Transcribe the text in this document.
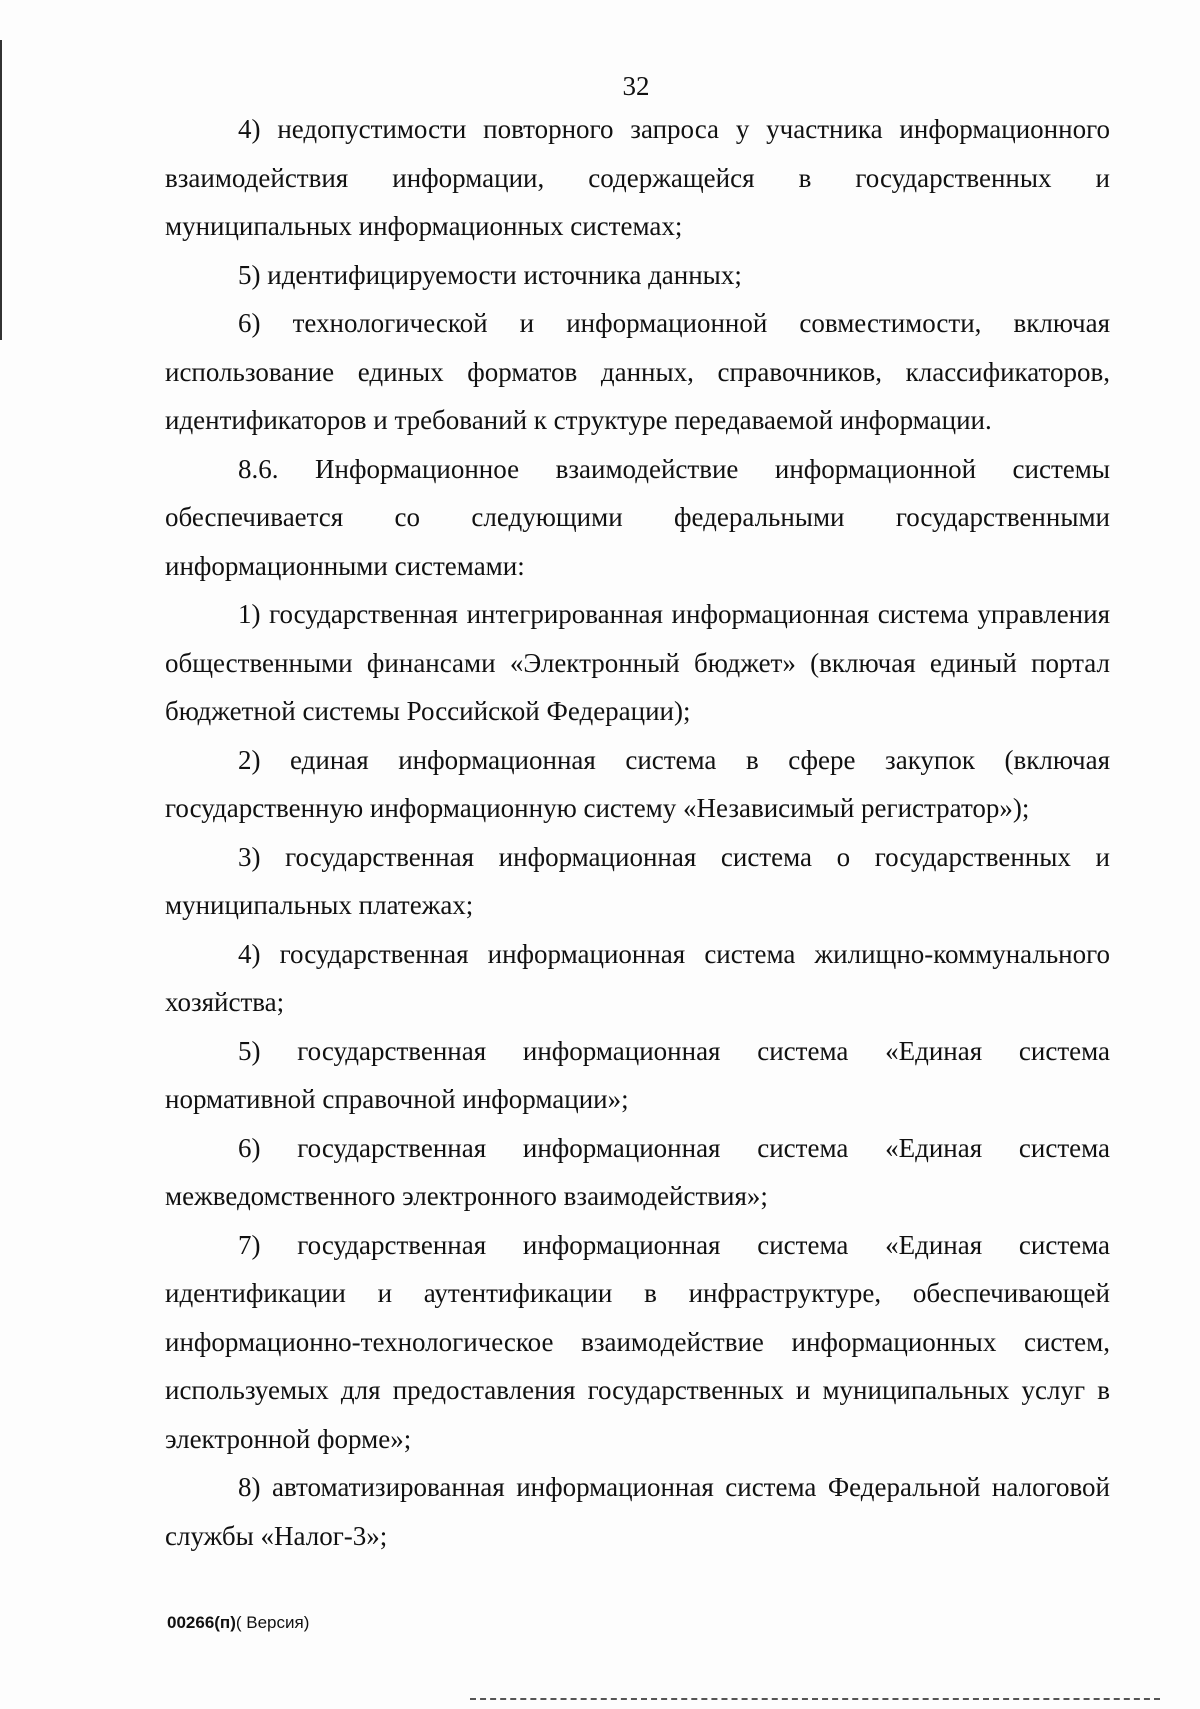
32

4) недопустимости повторного запроса у участника информационного взаимодействия информации, содержащейся в государственных и муниципальных информационных системах;

5) идентифицируемости источника данных;

6) технологической и информационной совместимости, включая использование единых форматов данных, справочников, классификаторов, идентификаторов и требований к структуре передаваемой информации.

8.6. Информационное взаимодействие информационной системы обеспечивается со следующими федеральными государственными информационными системами:

1) государственная интегрированная информационная система управления общественными финансами «Электронный бюджет» (включая единый портал бюджетной системы Российской Федерации);

2) единая информационная система в сфере закупок (включая государственную информационную систему «Независимый регистратор»);

3) государственная информационная система о государственных и муниципальных платежах;

4) государственная информационная система жилищно-коммунального хозяйства;

5) государственная информационная система «Единая система нормативной справочной информации»;

6) государственная информационная система «Единая система межведомственного электронного взаимодействия»;

7) государственная информационная система «Единая система идентификации и аутентификации в инфраструктуре, обеспечивающей информационно-технологическое взаимодействие информационных систем, используемых для предоставления государственных и муниципальных услуг в электронной форме»;

8) автоматизированная информационная система Федеральной налоговой службы «Налог-3»;

00266(п)( Версия)
